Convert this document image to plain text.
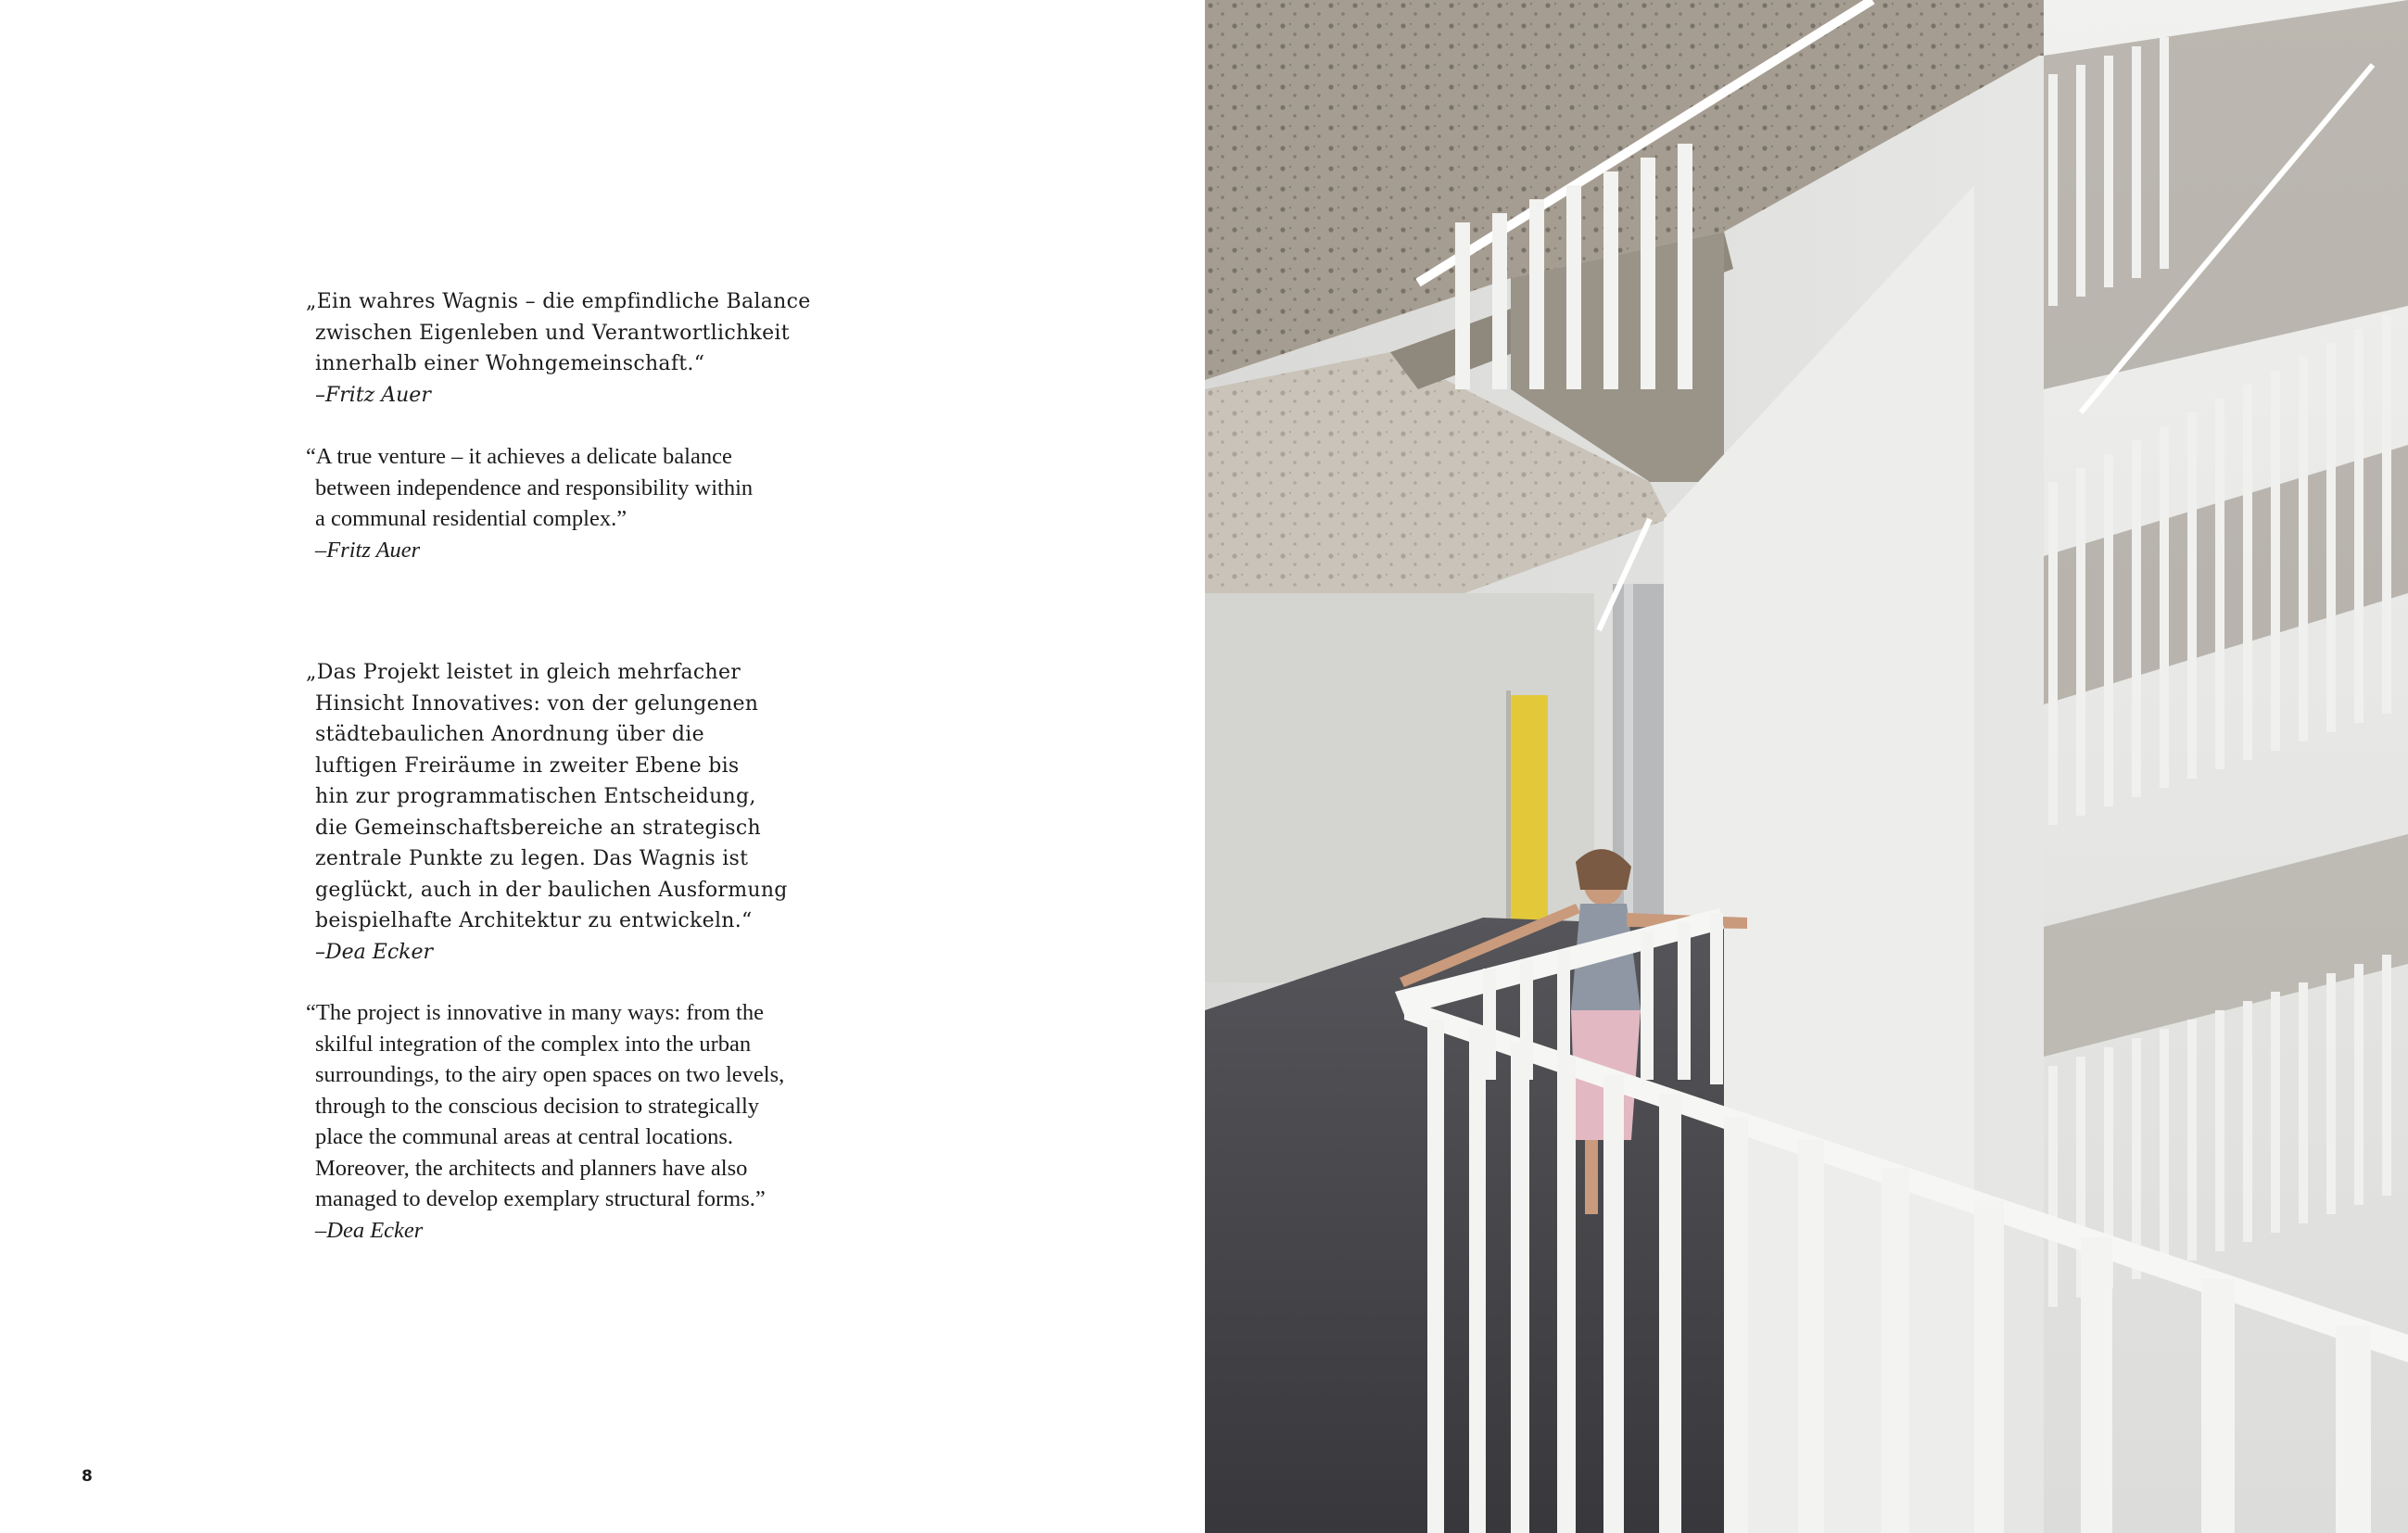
„Ein wahres Wagnis – die empfindliche Balance
zwischen Eigenleben und Verantwortlichkeit
innerhalb einer Wohngemeinschaft.“
–Fritz Auer
“A true venture – it achieves a delicate balance
between independence and responsibility within
a communal residential complex.”
–Fritz Auer
„Das Projekt leistet in gleich mehrfacher
Hinsicht Innovatives: von der gelungenen
städtebaulichen Anordnung über die
luftigen Freiräume in zweiter Ebene bis
hin zur programmatischen Entscheidung,
die Gemeinschaftsbereiche an strategisch
zentrale Punkte zu legen. Das Wagnis ist
geglückt, auch in der baulichen Ausformung
beispielhafte Architektur zu entwickeln.“
–Dea Ecker
“The project is innovative in many ways: from the
skilful integration of the complex into the urban
surroundings, to the airy open spaces on two levels,
through to the conscious decision to strategically
place the communal areas at central locations.
Moreover, the architects and planners have also
managed to develop exemplary structural forms.”
–Dea Ecker
8
